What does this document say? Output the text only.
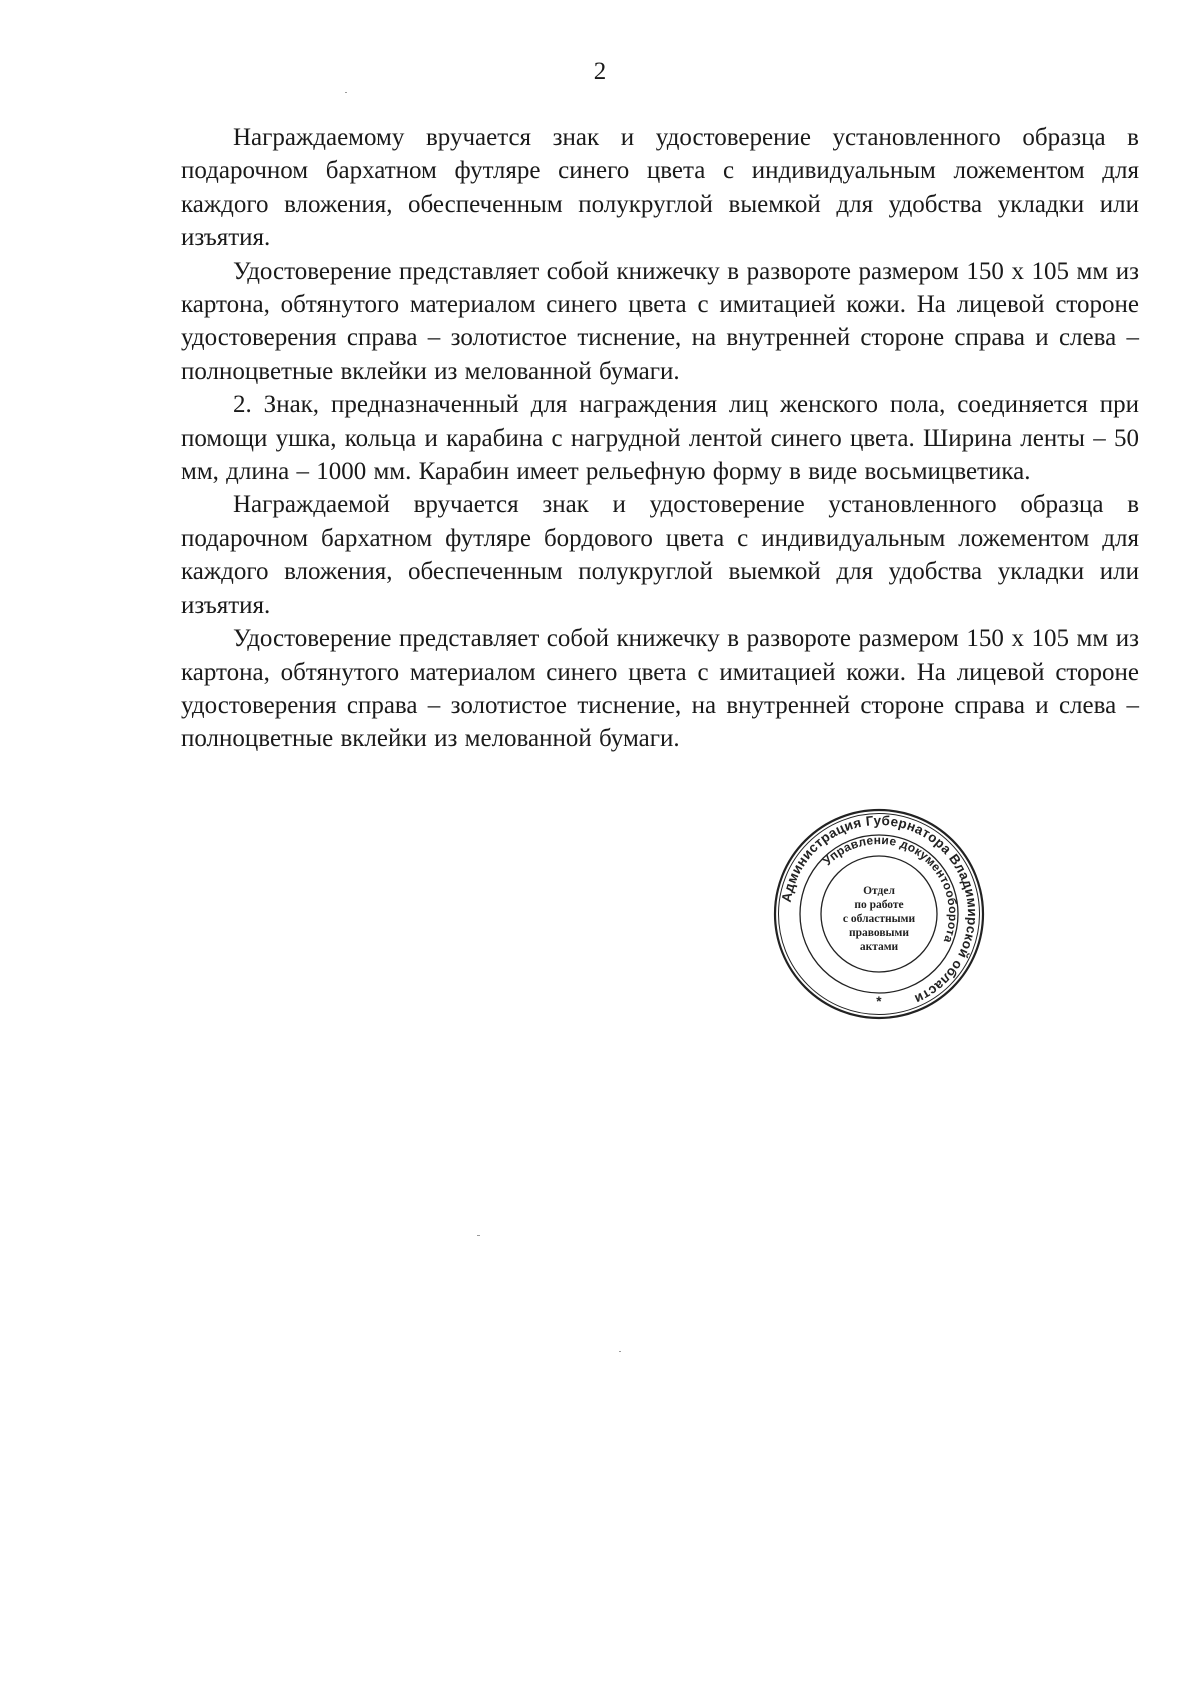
2

Награждаемому вручается знак и удостоверение установленного образца в подарочном бархатном футляре синего цвета с индивидуальным ложементом для каждого вложения, обеспеченным полукруглой выемкой для удобства укладки или изъятия.

Удостоверение представляет собой книжечку в развороте размером 150 х 105 мм из картона, обтянутого материалом синего цвета с имитацией кожи. На лицевой стороне удостоверения справа – золотистое тиснение, на внутренней стороне справа и слева – полноцветные вклейки из мелованной бумаги.

2. Знак, предназначенный для награждения лиц женского пола, соединяется при помощи ушка, кольца и карабина с нагрудной лентой синего цвета. Ширина ленты – 50 мм, длина – 1000 мм. Карабин имеет рельефную форму в виде восьмицветика.

Награждаемой вручается знак и удостоверение установленного образца в подарочном бархатном футляре бордового цвета с индивидуальным ложементом для каждого вложения, обеспеченным полукруглой выемкой для удобства укладки или изъятия.

Удостоверение представляет собой книжечку в развороте размером 150 х 105 мм из картона, обтянутого материалом синего цвета с имитацией кожи. На лицевой стороне удостоверения справа – золотистое тиснение, на внутренней стороне справа и слева – полноцветные вклейки из мелованной бумаги.

Администрация Губернатора Владимирской области
Управление документооборота
Отдел
по работе
с областными
правовыми
актами
*
